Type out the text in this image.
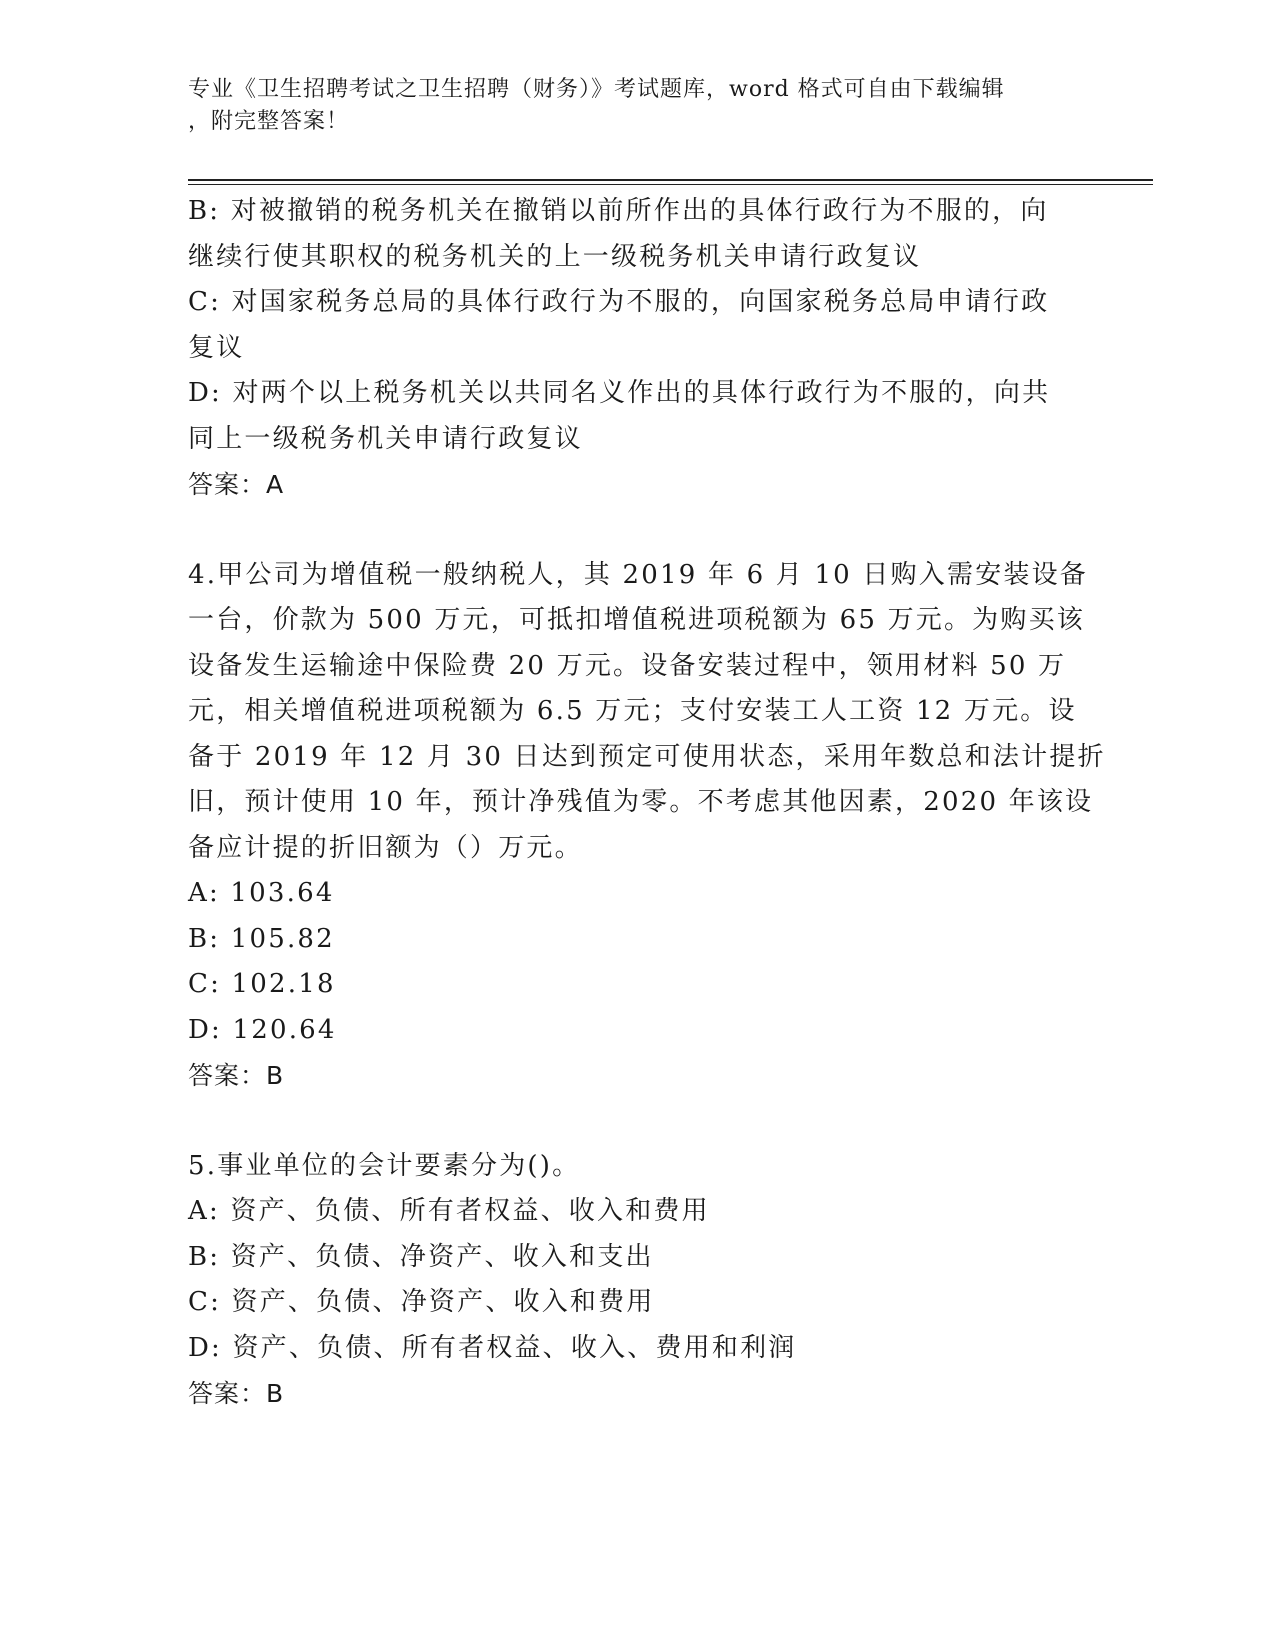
专业《卫生招聘考试之卫生招聘（财务）》考试题库，word 格式可自由下载编辑
，附完整答案！

B: 对被撤销的税务机关在撤销以前所作出的具体行政行为不服的，向

继续行使其职权的税务机关的上一级税务机关申请行政复议

C: 对国家税务总局的具体行政行为不服的，向国家税务总局申请行政

复议

D: 对两个以上税务机关以共同名义作出的具体行政行为不服的，向共

同上一级税务机关申请行政复议

答案：A

4.甲公司为增值税一般纳税人，其 2019 年 6 月 10 日购入需安装设备

一台，价款为 500 万元，可抵扣增值税进项税额为 65 万元。为购买该

设备发生运输途中保险费 20 万元。设备安装过程中，领用材料 50 万

元，相关增值税进项税额为 6.5 万元；支付安装工人工资 12 万元。设

备于 2019 年 12 月 30 日达到预定可使用状态，采用年数总和法计提折

旧，预计使用 10 年，预计净残值为零。不考虑其他因素，2020 年该设

备应计提的折旧额为（）万元。

A: 103.64

B: 105.82

C: 102.18

D: 120.64

答案：B

5.事业单位的会计要素分为()。

A: 资产、负债、所有者权益、收入和费用

B: 资产、负债、净资产、收入和支出

C: 资产、负债、净资产、收入和费用

D: 资产、负债、所有者权益、收入、费用和利润

答案：B
